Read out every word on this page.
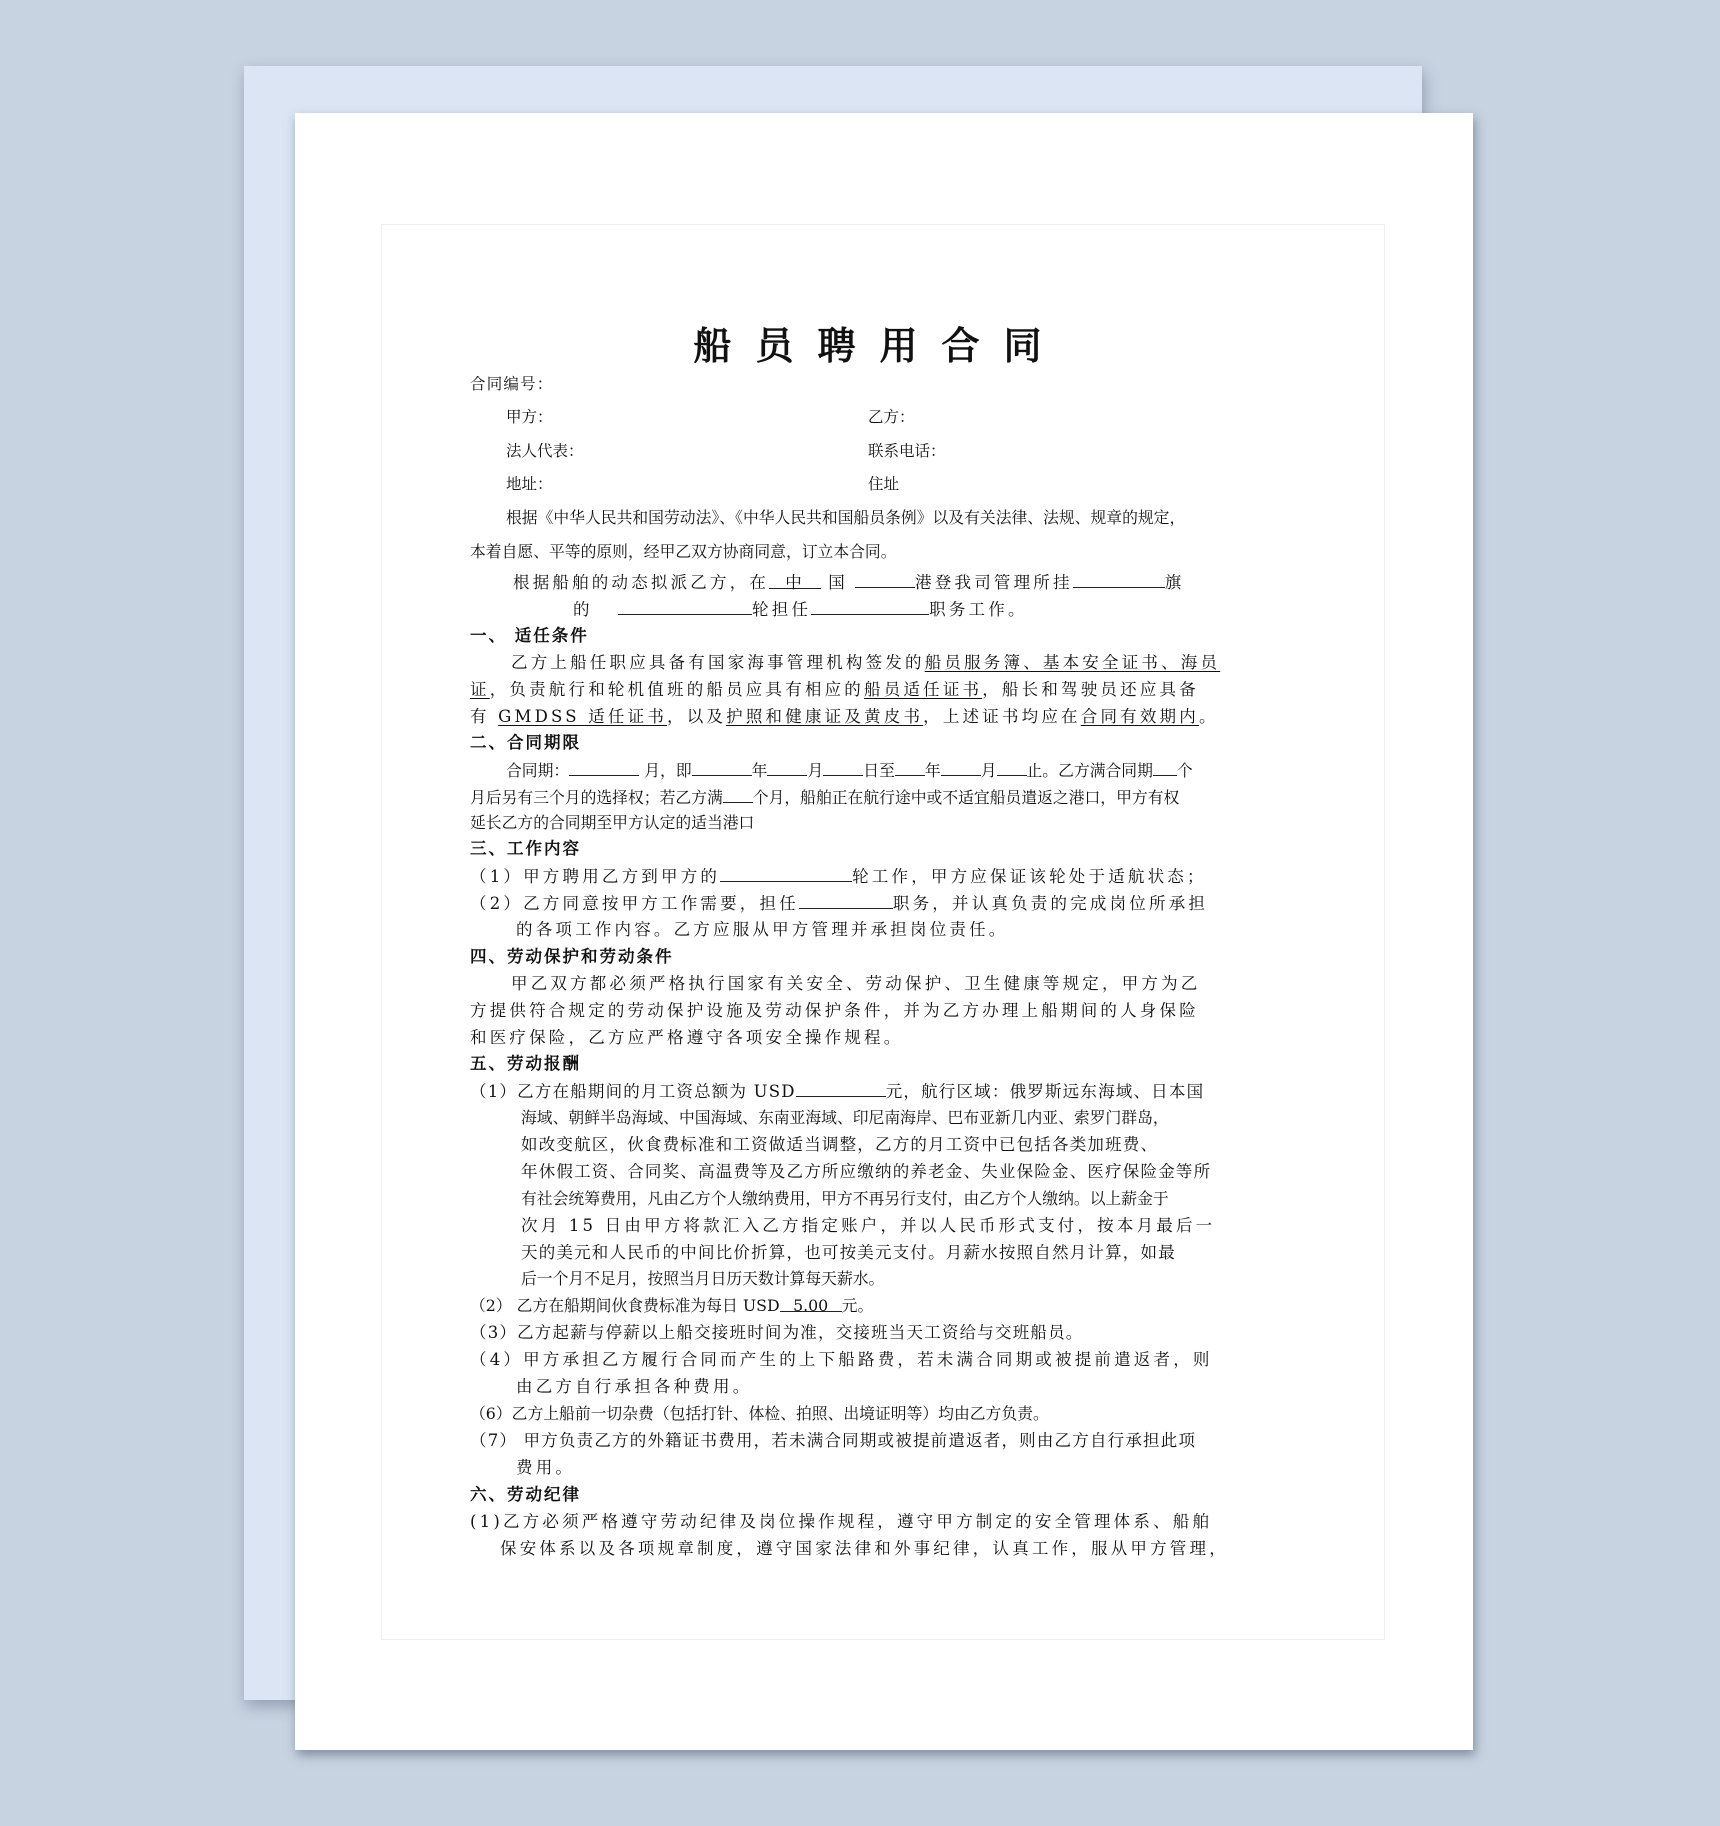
船员聘用合同
合同编号：
甲方：	乙方：
法人代表：	联系电话：
地址：	住址
根据《中华人民共和国劳动法》、《中华人民共和国船员条例》以及有关法律、法规、规章的规定，
本着自愿、平等的原则，经甲乙双方协商同意，订立本合同。
根据船舶的动态拟派乙方，在 中 国	港登我司管理所挂	旗
的	轮担任	职务工作。
一、 适任条件
乙方上船任职应具备有国家海事管理机构签发的船员服务簿、基本安全证书、海员
证，负责航行和轮机值班的船员应具有相应的船员适任证书，船长和驾驶员还应具备
有 GMDSS 适任证书，以及护照和健康证及黄皮书，上述证书均应在合同有效期内。
二、合同期限
合同期：	月，即	年	月	日至 年	月 止。乙方满合同期 个
月后另有三个月的选择权；若乙方满 个月，船舶正在航行途中或不适宜船员遣返之港口，甲方有权
延长乙方的合同期至甲方认定的适当港口
三、工作内容
（1）甲方聘用乙方到甲方的	轮工作，甲方应保证该轮处于适航状态；
（2）乙方同意按甲方工作需要，担任	职务，并认真负责的完成岗位所承担
的各项工作内容。乙方应服从甲方管理并承担岗位责任。
四、劳动保护和劳动条件
甲乙双方都必须严格执行国家有关安全、劳动保护、卫生健康等规定，甲方为乙
方提供符合规定的劳动保护设施及劳动保护条件，并为乙方办理上船期间的人身保险
和医疗保险，乙方应严格遵守各项安全操作规程。
五、劳动报酬
（1）乙方在船期间的月工资总额为 USD	元，航行区域：俄罗斯远东海域、日本国
海域、朝鲜半岛海域、中国海域、东南亚海域、印尼南海岸、巴布亚新几内亚、索罗门群岛，
如改变航区，伙食费标准和工资做适当调整，乙方的月工资中已包括各类加班费、
年休假工资、合同奖、高温费等及乙方所应缴纳的养老金、失业保险金、医疗保险金等所
有社会统筹费用，凡由乙方个人缴纳费用，甲方不再另行支付，由乙方个人缴纳。以上薪金于
次月 15 日由甲方将款汇入乙方指定账户，并以人民币形式支付，按本月最后一
天的美元和人民币的中间比价折算，也可按美元支付。月薪水按照自然月计算，如最
后一个月不足月，按照当月日历天数计算每天薪水。
（2） 乙方在船期间伙食费标准为每日 USD 5.00 元。
（3）乙方起薪与停薪以上船交接班时间为准，交接班当天工资给与交班船员。
（4）甲方承担乙方履行合同而产生的上下船路费，若未满合同期或被提前遣返者，则
由乙方自行承担各种费用。
（6）乙方上船前一切杂费（包括打针、体检、拍照、出境证明等）均由乙方负责。
（7） 甲方负责乙方的外籍证书费用，若未满合同期或被提前遣返者，则由乙方自行承担此项
费用。
六、劳动纪律
(1)乙方必须严格遵守劳动纪律及岗位操作规程，遵守甲方制定的安全管理体系、船舶
保安体系以及各项规章制度，遵守国家法律和外事纪律，认真工作，服从甲方管理，
